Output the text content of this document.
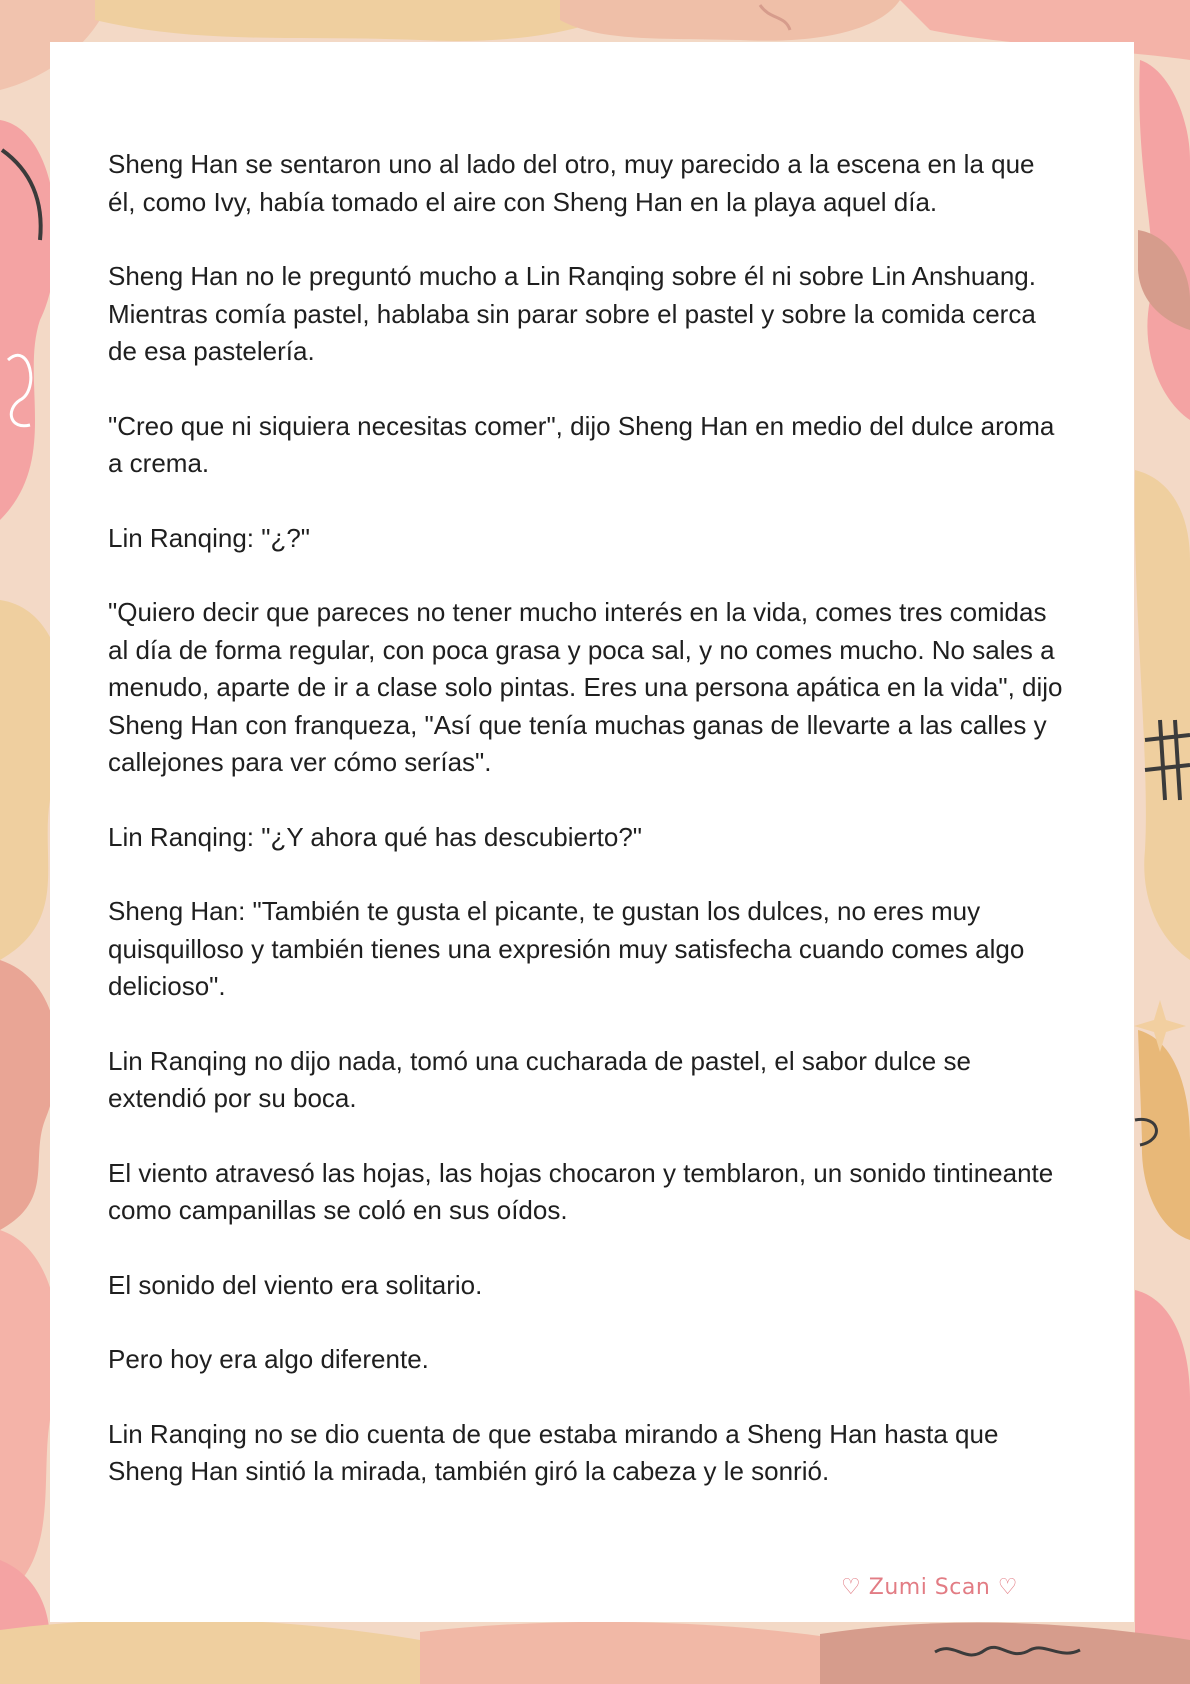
Sheng Han se sentaron uno al lado del otro, muy parecido a la escena en la que él, como Ivy, había tomado el aire con Sheng Han en la playa aquel día.

Sheng Han no le preguntó mucho a Lin Ranqing sobre él ni sobre Lin Anshuang. Mientras comía pastel, hablaba sin parar sobre el pastel y sobre la comida cerca de esa pastelería.

"Creo que ni siquiera necesitas comer", dijo Sheng Han en medio del dulce aroma a crema.

Lin Ranqing: "¿?"

"Quiero decir que pareces no tener mucho interés en la vida, comes tres comidas al día de forma regular, con poca grasa y poca sal, y no comes mucho. No sales a menudo, aparte de ir a clase solo pintas. Eres una persona apática en la vida", dijo Sheng Han con franqueza, "Así que tenía muchas ganas de llevarte a las calles y callejones para ver cómo serías".

Lin Ranqing: "¿Y ahora qué has descubierto?"

Sheng Han: "También te gusta el picante, te gustan los dulces, no eres muy quisquilloso y también tienes una expresión muy satisfecha cuando comes algo delicioso".

Lin Ranqing no dijo nada, tomó una cucharada de pastel, el sabor dulce se extendió por su boca.

El viento atravesó las hojas, las hojas chocaron y temblaron, un sonido tintineante como campanillas se coló en sus oídos.

El sonido del viento era solitario.

Pero hoy era algo diferente.

Lin Ranqing no se dio cuenta de que estaba mirando a Sheng Han hasta que Sheng Han sintió la mirada, también giró la cabeza y le sonrió.

♡ Zumi Scan ♡
